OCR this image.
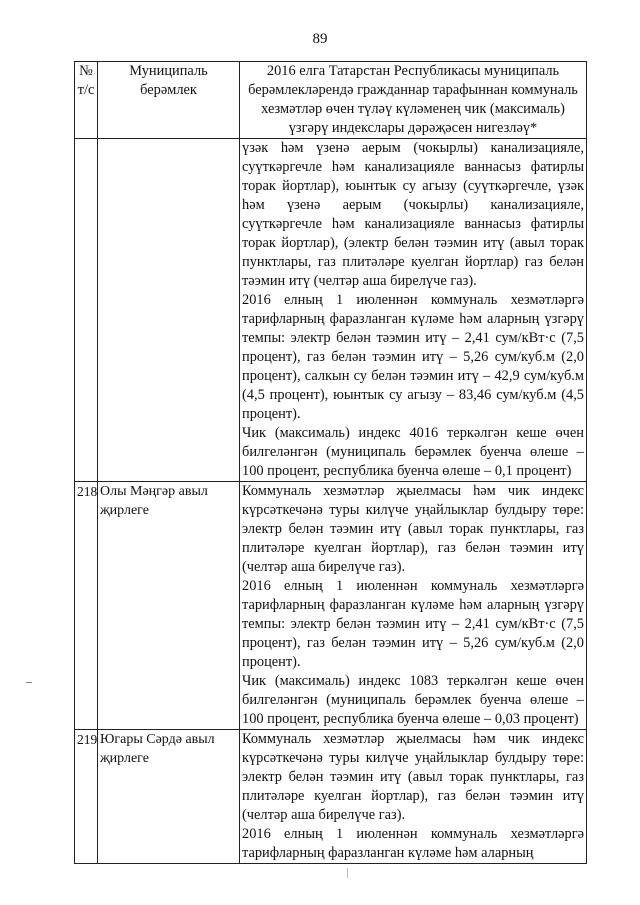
89
№ т/с	Муниципаль берәмлек	2016 елга Татарстан Республикасы муниципаль берәмлекләрендә гражданнар тарафыннан коммуналь хезмәтләр өчен түләү күләменең чик (максималь) үзгәрү индекслары дәрәҗәсен нигезләү*

		үзәк һәм үзенә аерым (чокырлы) канализацияле, суүткәргечле һәм канализацияле ваннасыз фатирлы торак йортлар), юынтык су агызу (суүткәргечле, үзәк һәм үзенә аерым (чокырлы) канализацияле, суүткәргечле һәм канализацияле ваннасыз фатирлы торак йортлар), (электр белән тәэмин итү (авыл торак пунктлары, газ плитәләре куелган йортлар) газ белән тәэмин итү (челтәр аша бирелүче газ).

2016 елның 1 июленнән коммуналь хезмәтләргә тарифларның фаразланган күләме һәм аларның үзгәрү темпы: электр белән тәэмин итү – 2,41 сум/кВт·с (7,5 процент), газ белән тәэмин итү – 5,26 сум/куб.м (2,0 процент), салкын су белән тәэмин итү – 42,9 сум/куб.м (4,5 процент), юынтык су агызу – 83,46 сум/куб.м (4,5 процент).

Чик (максималь) индекс 4016 теркәлгән кеше өчен билгеләнгән (муниципаль берәмлек буенча өлеше – 100 процент, республика буенча өлеше – 0,1 процент)

218	Олы Мәңгәр авыл җирлеге	Коммуналь хезмәтләр җыелмасы һәм чик индекс күрсәткечәнә туры килүче уңайлыклар булдыру төре: электр белән тәэмин итү (авыл торак пунктлары, газ плитәләре куелган йортлар), газ белән тәэмин итү (челтәр аша бирелүче газ).

2016 елның 1 июленнән коммуналь хезмәтләргә тарифларның фаразланган күләме һәм аларның үзгәрү темпы: электр белән тәэмин итү – 2,41 сум/кВт·с (7,5 процент), газ белән тәэмин итү – 5,26 сум/куб.м (2,0 процент).

Чик (максималь) индекс 1083 теркәлгән кеше өчен билгеләнгән (муниципаль берәмлек буенча өлеше – 100 процент, республика буенча өлеше – 0,03 процент)

219	Югары Сәрдә авыл җирлеге	Коммуналь хезмәтләр җыелмасы һәм чик индекс күрсәткечәнә туры килүче уңайлыклар булдыру төре: электр белән тәэмин итү (авыл торак пунктлары, газ плитәләре куелган йортлар), газ белән тәэмин итү (челтәр аша бирелүче газ).

2016 елның 1 июленнән коммуналь хезмәтләргә тарифларның фаразланган күләме һәм аларның
